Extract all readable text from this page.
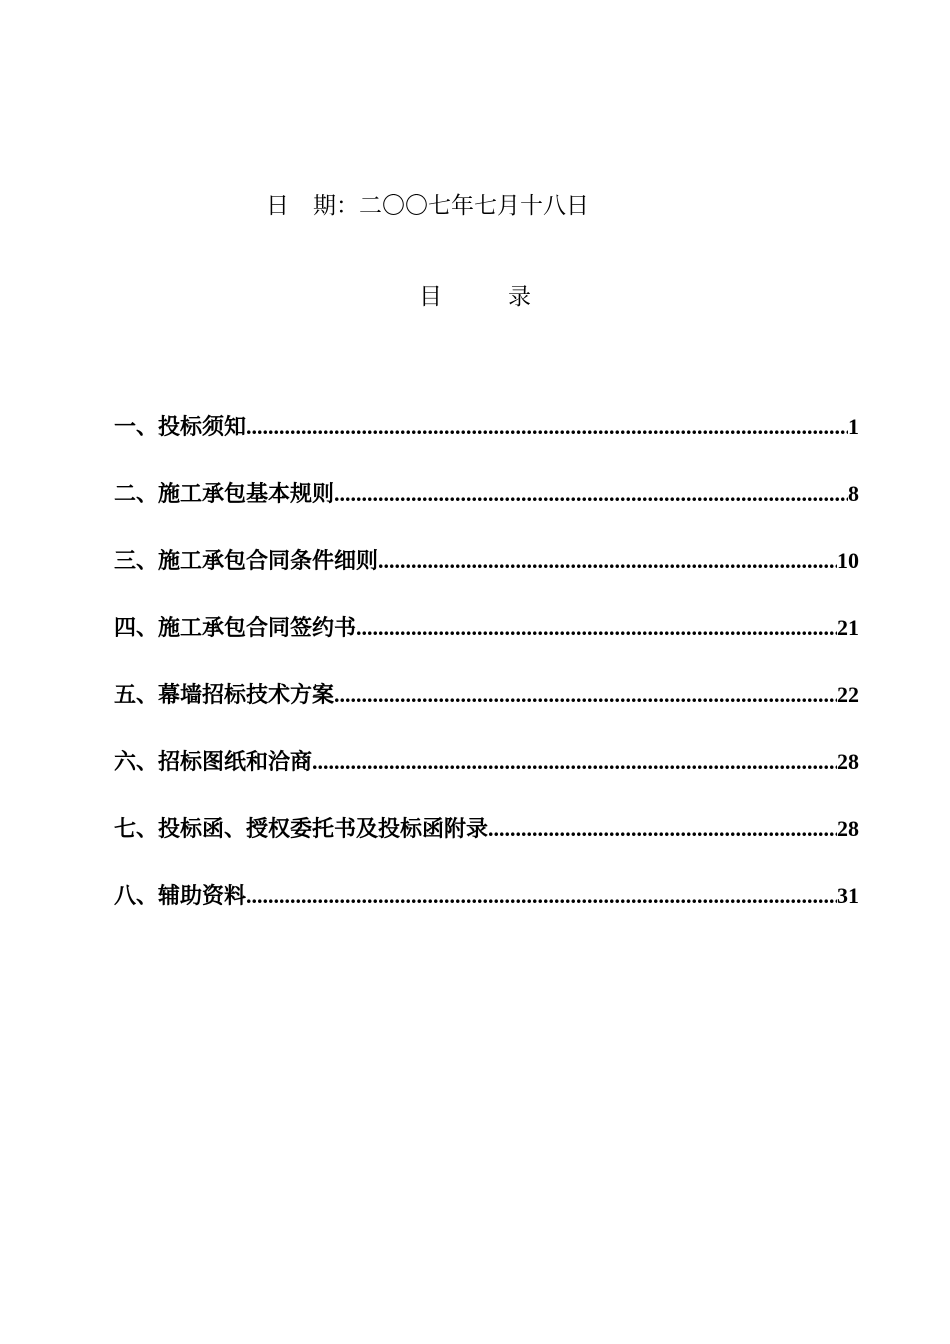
日 期：二〇〇七年七月十八日
目	录
一、投标须知 .....	1
二、施工承包基本规则 .....	8
三、施工承包合同条件细则 .....	10
四、施工承包合同签约书 .....	21
五、幕墙招标技术方案 .....	22
六、招标图纸和洽商 .....	28
七、投标函、授权委托书及投标函附录 .....	28
八、辅助资料 .....	31
